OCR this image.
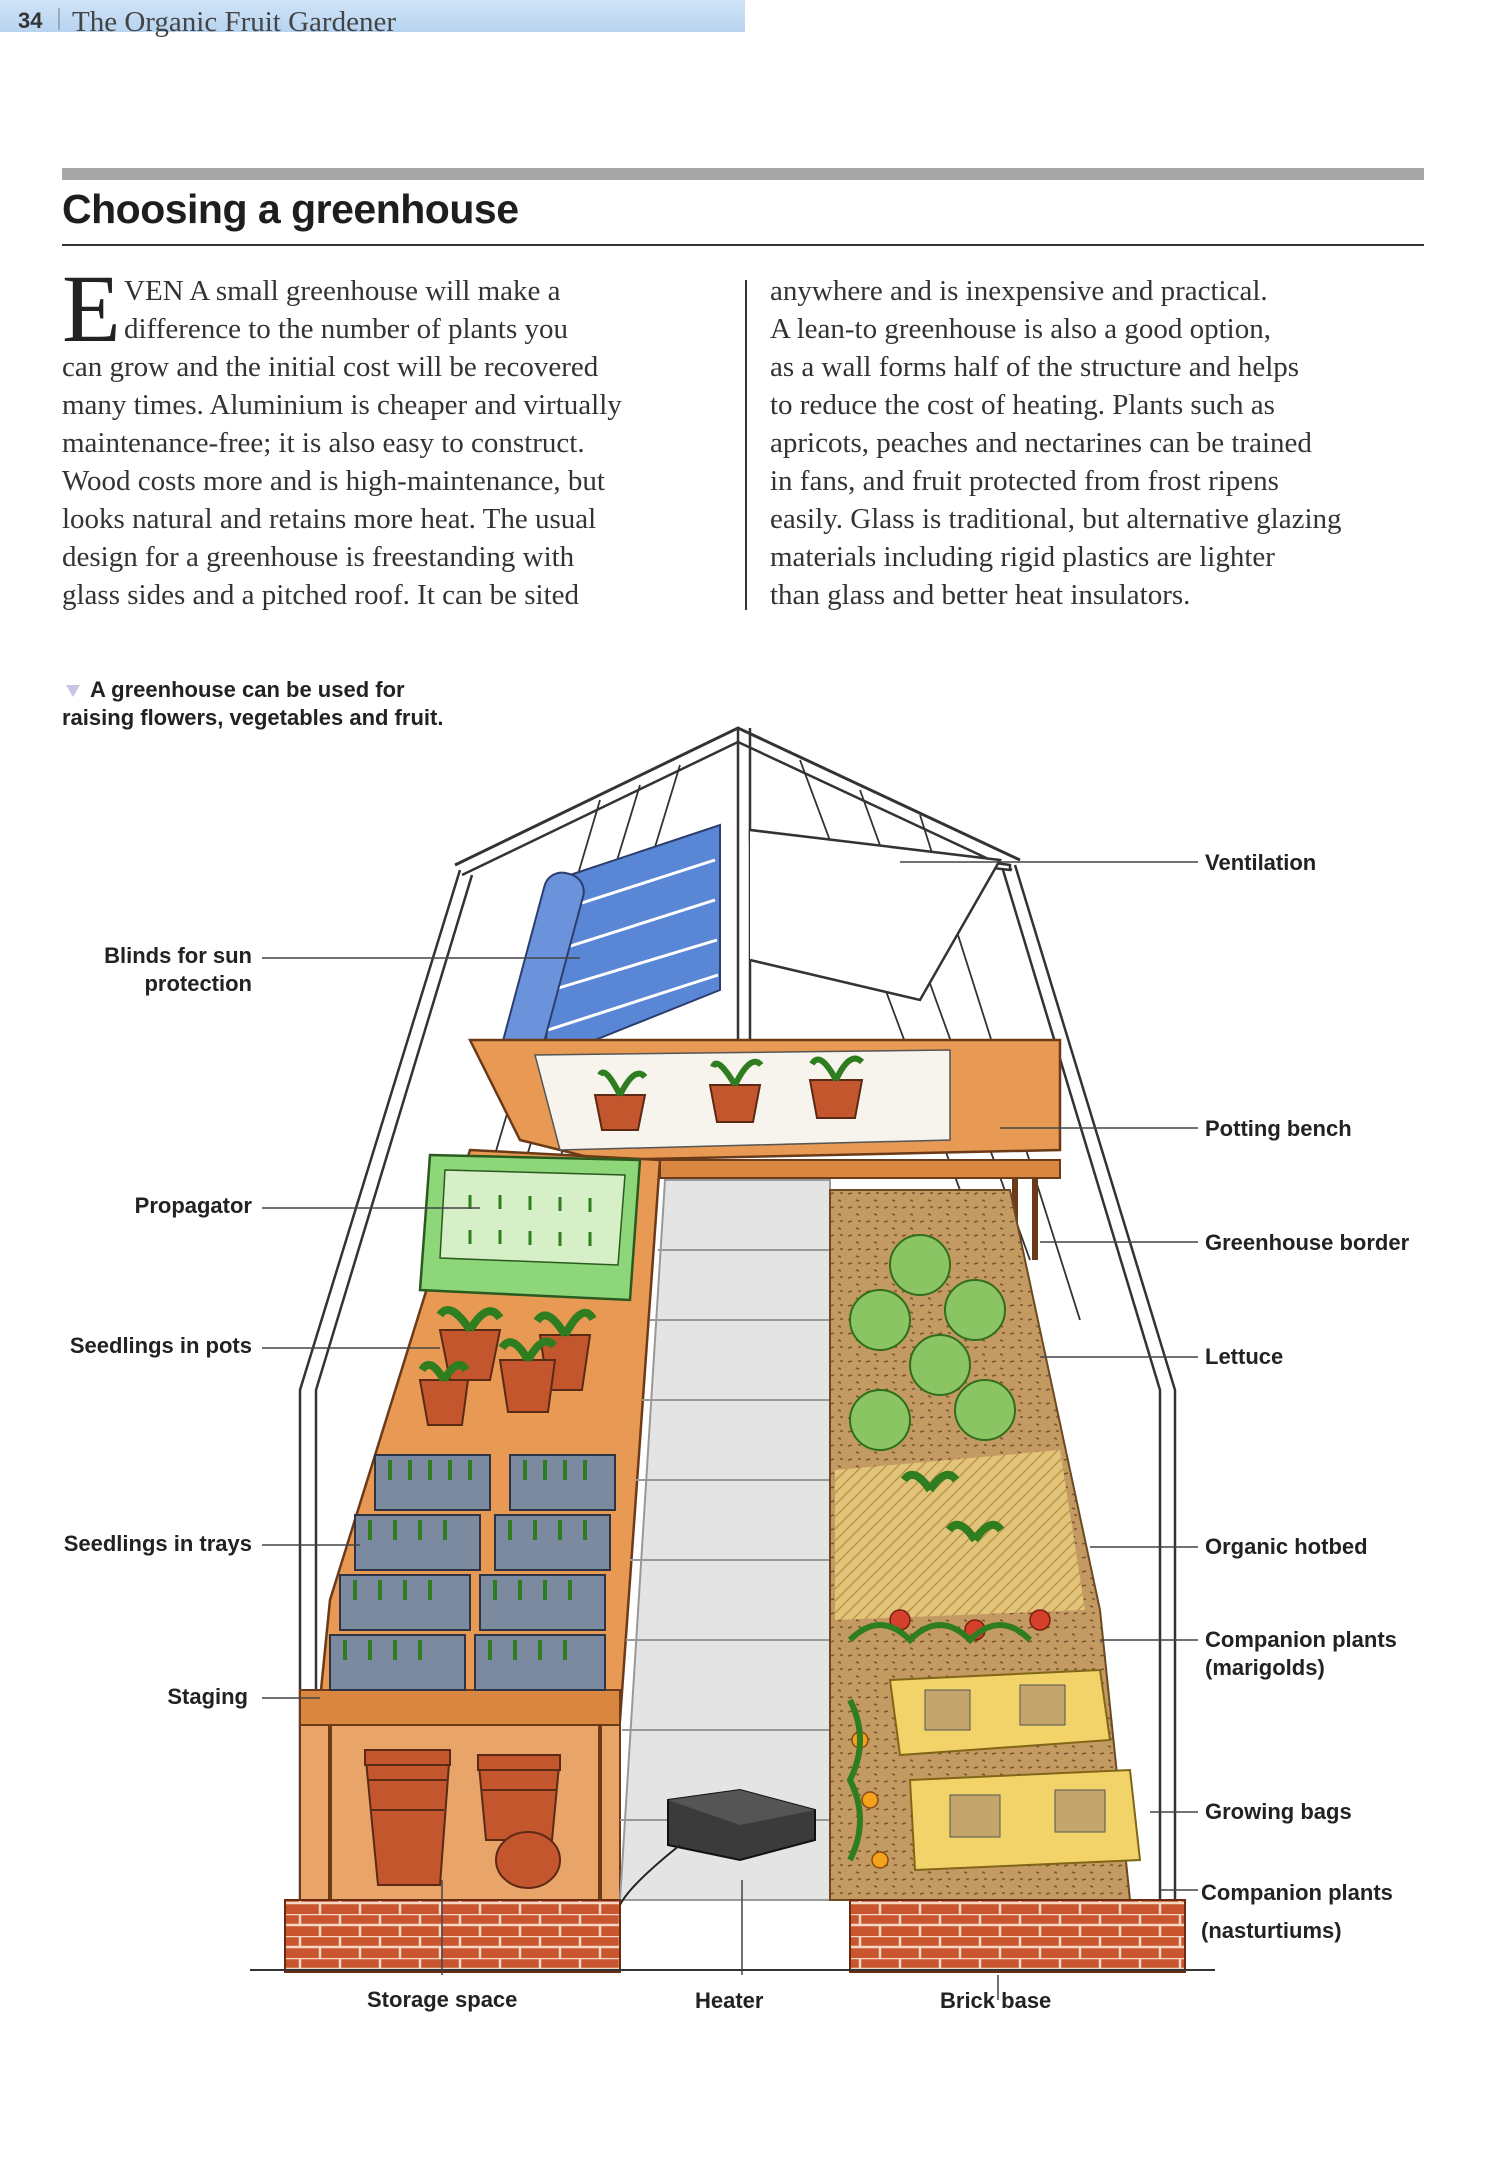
34 The Organic Fruit Gardener
Choosing a greenhouse
E VEN A small greenhouse will make a
difference to the number of plants you
can grow and the initial cost will be recovered
many times. Aluminium is cheaper and virtually
maintenance-free; it is also easy to construct.
Wood costs more and is high-maintenance, but
looks natural and retains more heat. The usual
design for a greenhouse is freestanding with
glass sides and a pitched roof. It can be sited
anywhere and is inexpensive and practical.
A lean-to greenhouse is also a good option,
as a wall forms half of the structure and helps
to reduce the cost of heating. Plants such as
apricots, peaches and nectarines can be trained
in fans, and fruit protected from frost ripens
easily. Glass is traditional, but alternative glazing
materials including rigid plastics are lighter
than glass and better heat insulators.
A greenhouse can be used for
raising flowers, vegetables and fruit.
Blinds for sun
protection
Propagator
Seedlings in pots
Seedlings in trays
Staging
Ventilation
Potting bench
Greenhouse border
Lettuce
Organic hotbed
Companion plants
(marigolds)
Growing bags
Companion plants
(nasturtiums)
Storage space	Heater	Brick base
